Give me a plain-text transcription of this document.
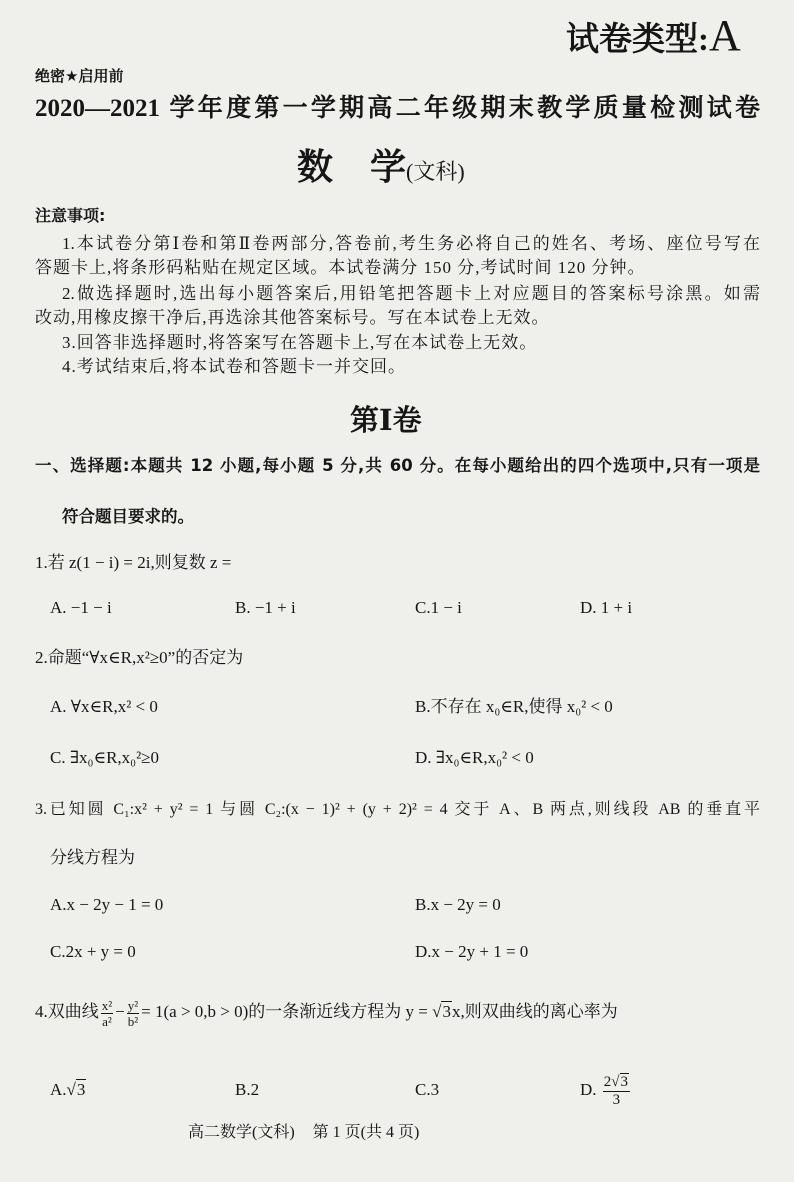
试卷类型:A
绝密★启用前
2020—2021 学年度第一学期高二年级期末教学质量检测试卷
数 学(文科)
注意事项:
1.本试卷分第Ⅰ卷和第Ⅱ卷两部分,答卷前,考生务必将自己的姓名、考场、座位号写在
答题卡上,将条形码粘贴在规定区域。本试卷满分 150 分,考试时间 120 分钟。
2.做选择题时,选出每小题答案后,用铅笔把答题卡上对应题目的答案标号涂黑。如需
改动,用橡皮擦干净后,再选涂其他答案标号。写在本试卷上无效。
3.回答非选择题时,将答案写在答题卡上,写在本试卷上无效。
4.考试结束后,将本试卷和答题卡一并交回。
第Ⅰ卷
一、选择题:本题共 12 小题,每小题 5 分,共 60 分。在每小题给出的四个选项中,只有一项是
符合题目要求的。
1.若 z(1 − i) = 2i,则复数 z =
A. −1 − i	B. −1 + i	C.1 − i	D. 1 + i
2.命题“∀x∈R,x²≥0”的否定为
A. ∀x∈R,x² < 0	B.不存在 x₀∈R,使得 x₀² < 0
C. ∃x₀∈R,x₀²≥0	D. ∃x₀∈R,x₀² < 0
3.已知圆 C₁:x² + y² = 1 与圆 C₂:(x − 1)² + (y + 2)² = 4 交于 A、B 两点,则线段 AB 的垂直平
分线方程为
A.x − 2y − 1 = 0	B.x − 2y = 0
C.2x + y = 0	D.x − 2y + 1 = 0
4.双曲线 $\frac{\text{x²}}{\text{a²}} - \frac{\text{y²}}{\text{b²}} = 1(a > 0,b > 0)$的一条渐近线方程为 y = √ 3x,则双曲线的离心率为
A. √ 3	B.2	C.3	D. $\frac{2 √ 3}{3}$
高二数学(文科) 第 1 页(共 4 页)
